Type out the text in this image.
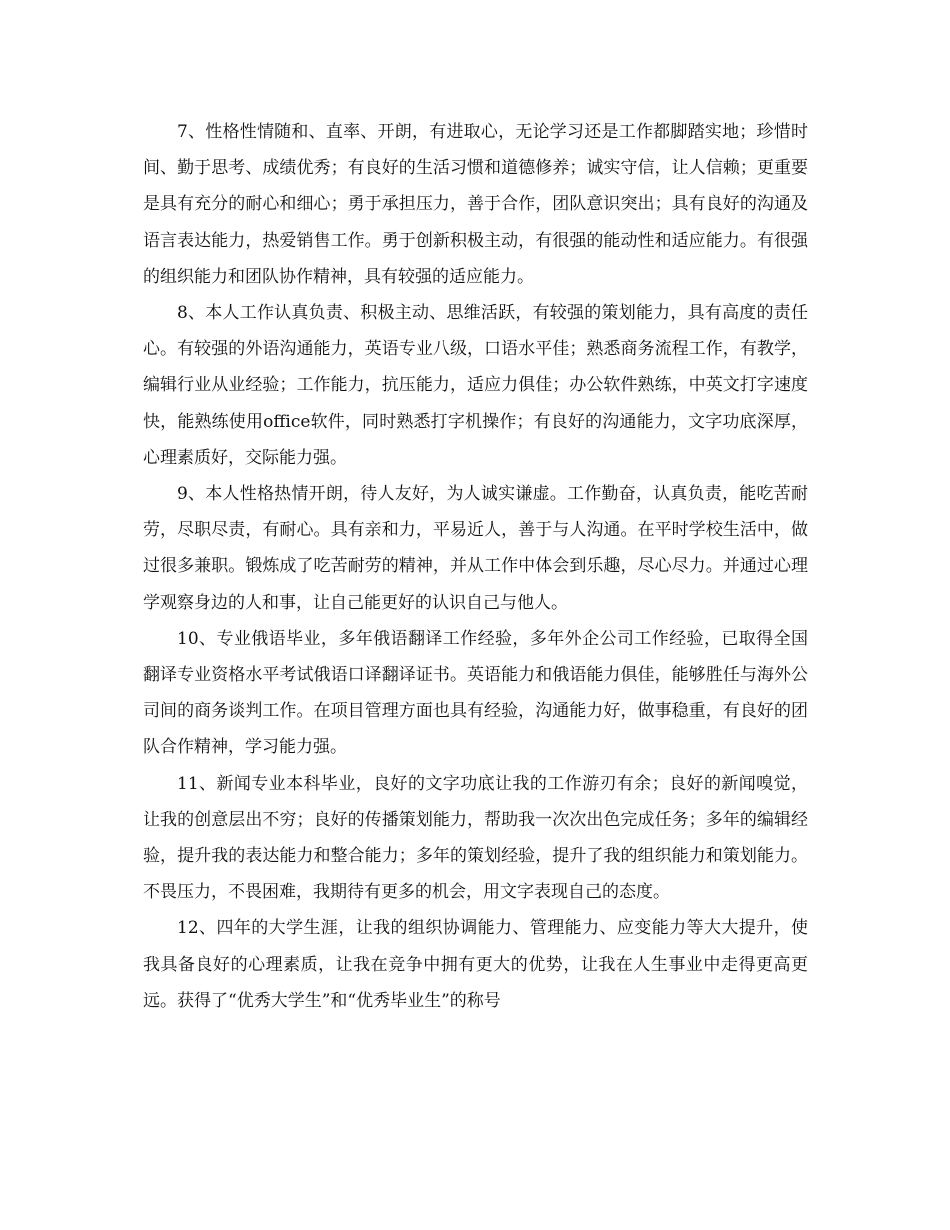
7、性格性情随和、直率、开朗，有进取心，无论学习还是工作都脚踏实地；珍惜时间、勤于思考、成绩优秀；有良好的生活习惯和道德修养；诚实守信，让人信赖；更重要是具有充分的耐心和细心；勇于承担压力，善于合作，团队意识突出；具有良好的沟通及语言表达能力，热爱销售工作。勇于创新积极主动，有很强的能动性和适应能力。有很强的组织能力和团队协作精神，具有较强的适应能力。

8、本人工作认真负责、积极主动、思维活跃，有较强的策划能力，具有高度的责任心。有较强的外语沟通能力，英语专业八级，口语水平佳；熟悉商务流程工作，有教学，编辑行业从业经验；工作能力，抗压能力，适应力俱佳；办公软件熟练，中英文打字速度快，能熟练使用office软件，同时熟悉打字机操作；有良好的沟通能力，文字功底深厚，心理素质好，交际能力强。

9、本人性格热情开朗，待人友好，为人诚实谦虚。工作勤奋，认真负责，能吃苦耐劳，尽职尽责，有耐心。具有亲和力，平易近人，善于与人沟通。在平时学校生活中，做过很多兼职。锻炼成了吃苦耐劳的精神，并从工作中体会到乐趣，尽心尽力。并通过心理学观察身边的人和事，让自己能更好的认识自己与他人。

10、专业俄语毕业，多年俄语翻译工作经验，多年外企公司工作经验，已取得全国翻译专业资格水平考试俄语口译翻译证书。英语能力和俄语能力俱佳，能够胜任与海外公司间的商务谈判工作。在项目管理方面也具有经验，沟通能力好，做事稳重，有良好的团队合作精神，学习能力强。

11、新闻专业本科毕业，良好的文字功底让我的工作游刃有余；良好的新闻嗅觉，让我的创意层出不穷；良好的传播策划能力，帮助我一次次出色完成任务；多年的编辑经验，提升我的表达能力和整合能力；多年的策划经验，提升了我的组织能力和策划能力。不畏压力，不畏困难，我期待有更多的机会，用文字表现自己的态度。

12、四年的大学生涯，让我的组织协调能力、管理能力、应变能力等大大提升，使我具备良好的心理素质，让我在竞争中拥有更大的优势，让我在人生事业中走得更高更远。获得了“优秀大学生”和“优秀毕业生”的称号
